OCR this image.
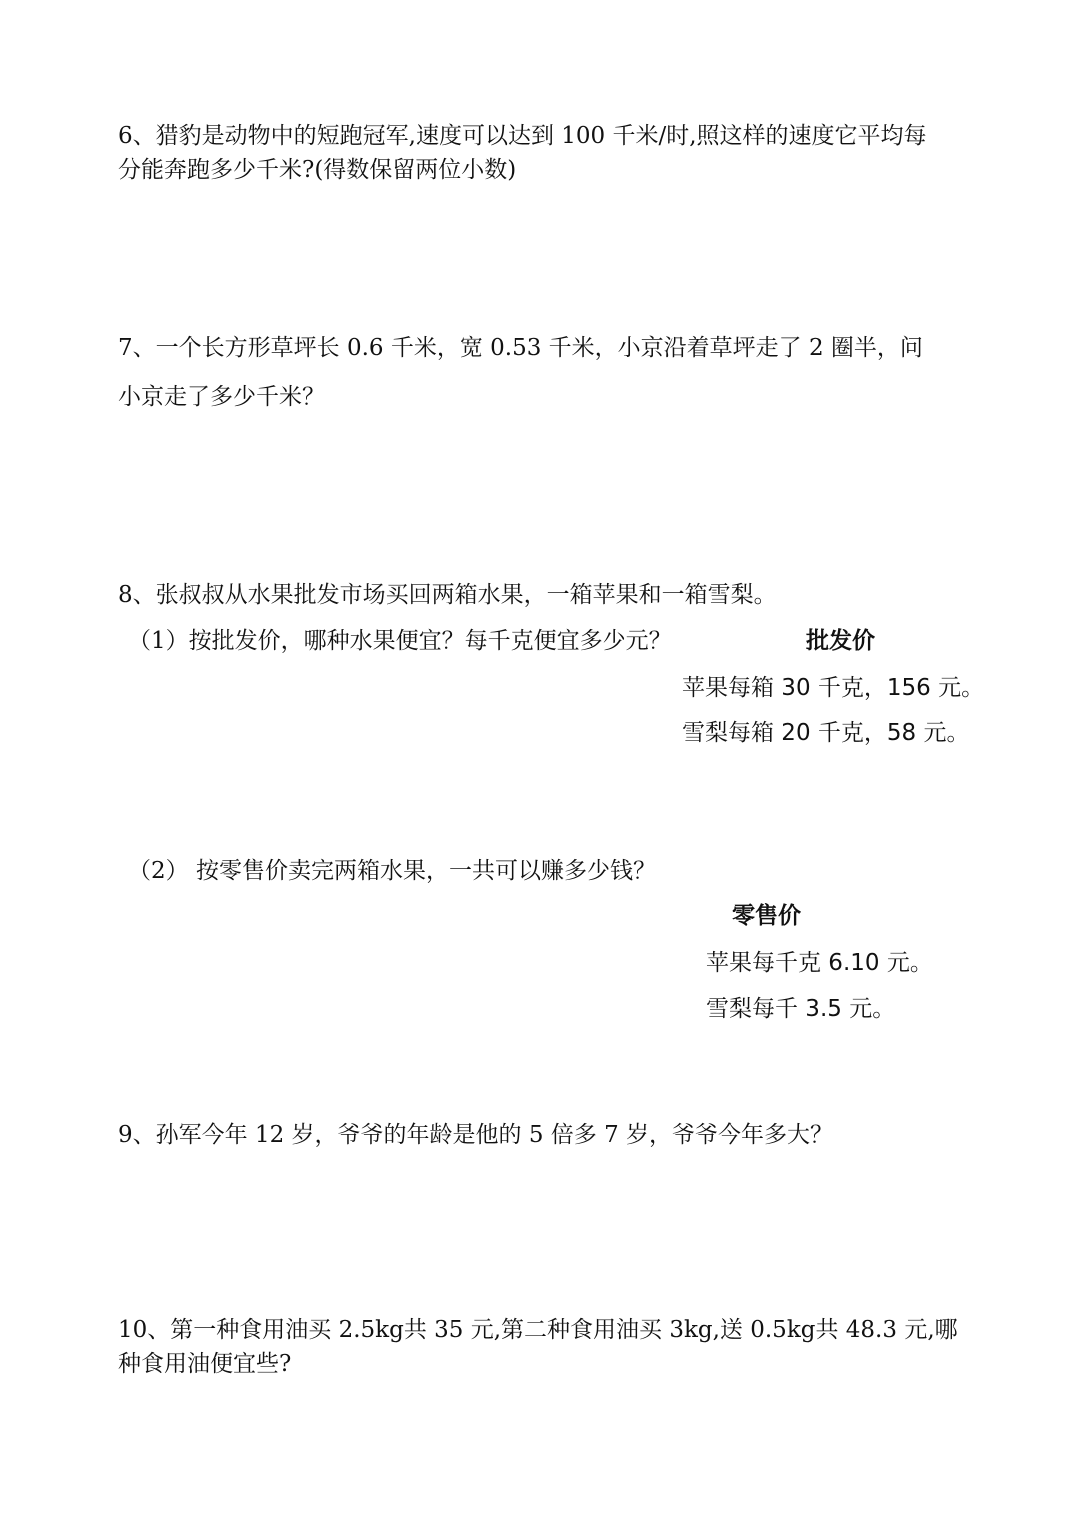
6、猎豹是动物中的短跑冠军,速度可以达到 100 千米/时,照这样的速度它平均每
分能奔跑多少千米?(得数保留两位小数)
7、一个长方形草坪长 0.6 千米，宽 0.53 千米，小京沿着草坪走了 2 圈半，问
小京走了多少千米？
8、张叔叔从水果批发市场买回两箱水果，一箱苹果和一箱雪梨。
（1）按批发价，哪种水果便宜？每千克便宜多少元？	批发价
苹果每箱 30 千克，156 元。
雪梨每箱 20 千克，58 元。
（2） 按零售价卖完两箱水果，一共可以赚多少钱？
零售价
苹果每千克 6.10 元。
雪梨每千 3.5 元。
9、孙军今年 12 岁，爷爷的年龄是他的 5 倍多 7 岁，爷爷今年多大？
10、第一种食用油买 2.5kg共 35 元,第二种食用油买 3kg,送 0.5kg共 48.3 元,哪
种食用油便宜些?
